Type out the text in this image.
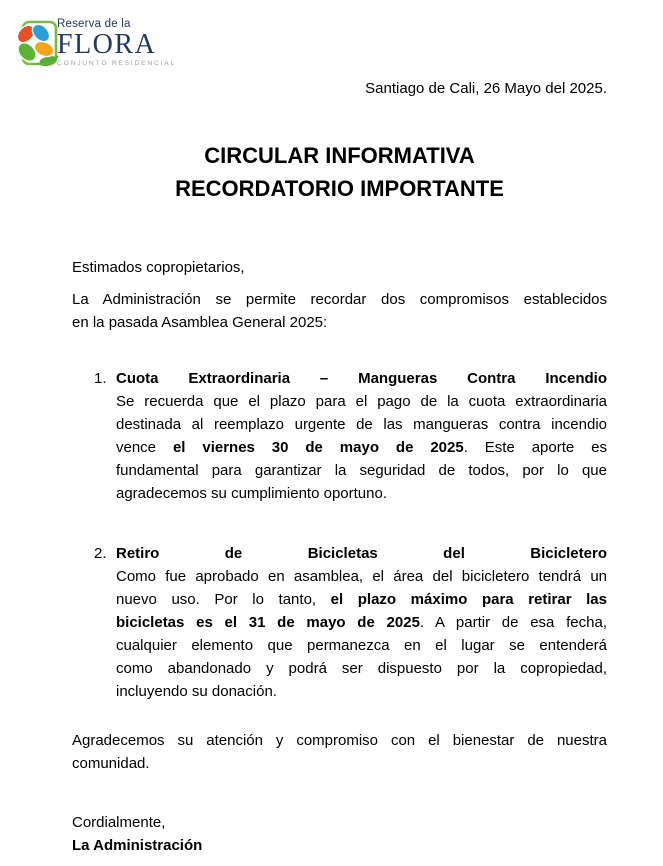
Reserva de la
FLORA
CONJUNTO RESIDENCIAL
Santiago de Cali, 26 Mayo del 2025.
CIRCULAR INFORMATIVA
RECORDATORIO IMPORTANTE
Estimados copropietarios,
La Administración se permite recordar dos compromisos establecidos
en la pasada Asamblea General 2025:
1. Cuota Extraordinaria – Mangueras Contra Incendio
Se recuerda que el plazo para el pago de la cuota extraordinaria
destinada al reemplazo urgente de las mangueras contra incendio
vence el viernes 30 de mayo de 2025. Este aporte es
fundamental para garantizar la seguridad de todos, por lo que
agradecemos su cumplimiento oportuno.
2. Retiro de Bicicletas del Bicicletero
Como fue aprobado en asamblea, el área del bicicletero tendrá un
nuevo uso. Por lo tanto, el plazo máximo para retirar las
bicicletas es el 31 de mayo de 2025. A partir de esa fecha,
cualquier elemento que permanezca en el lugar se entenderá
como abandonado y podrá ser dispuesto por la copropiedad,
incluyendo su donación.
Agradecemos su atención y compromiso con el bienestar de nuestra
comunidad.
Cordialmente,
La Administración
